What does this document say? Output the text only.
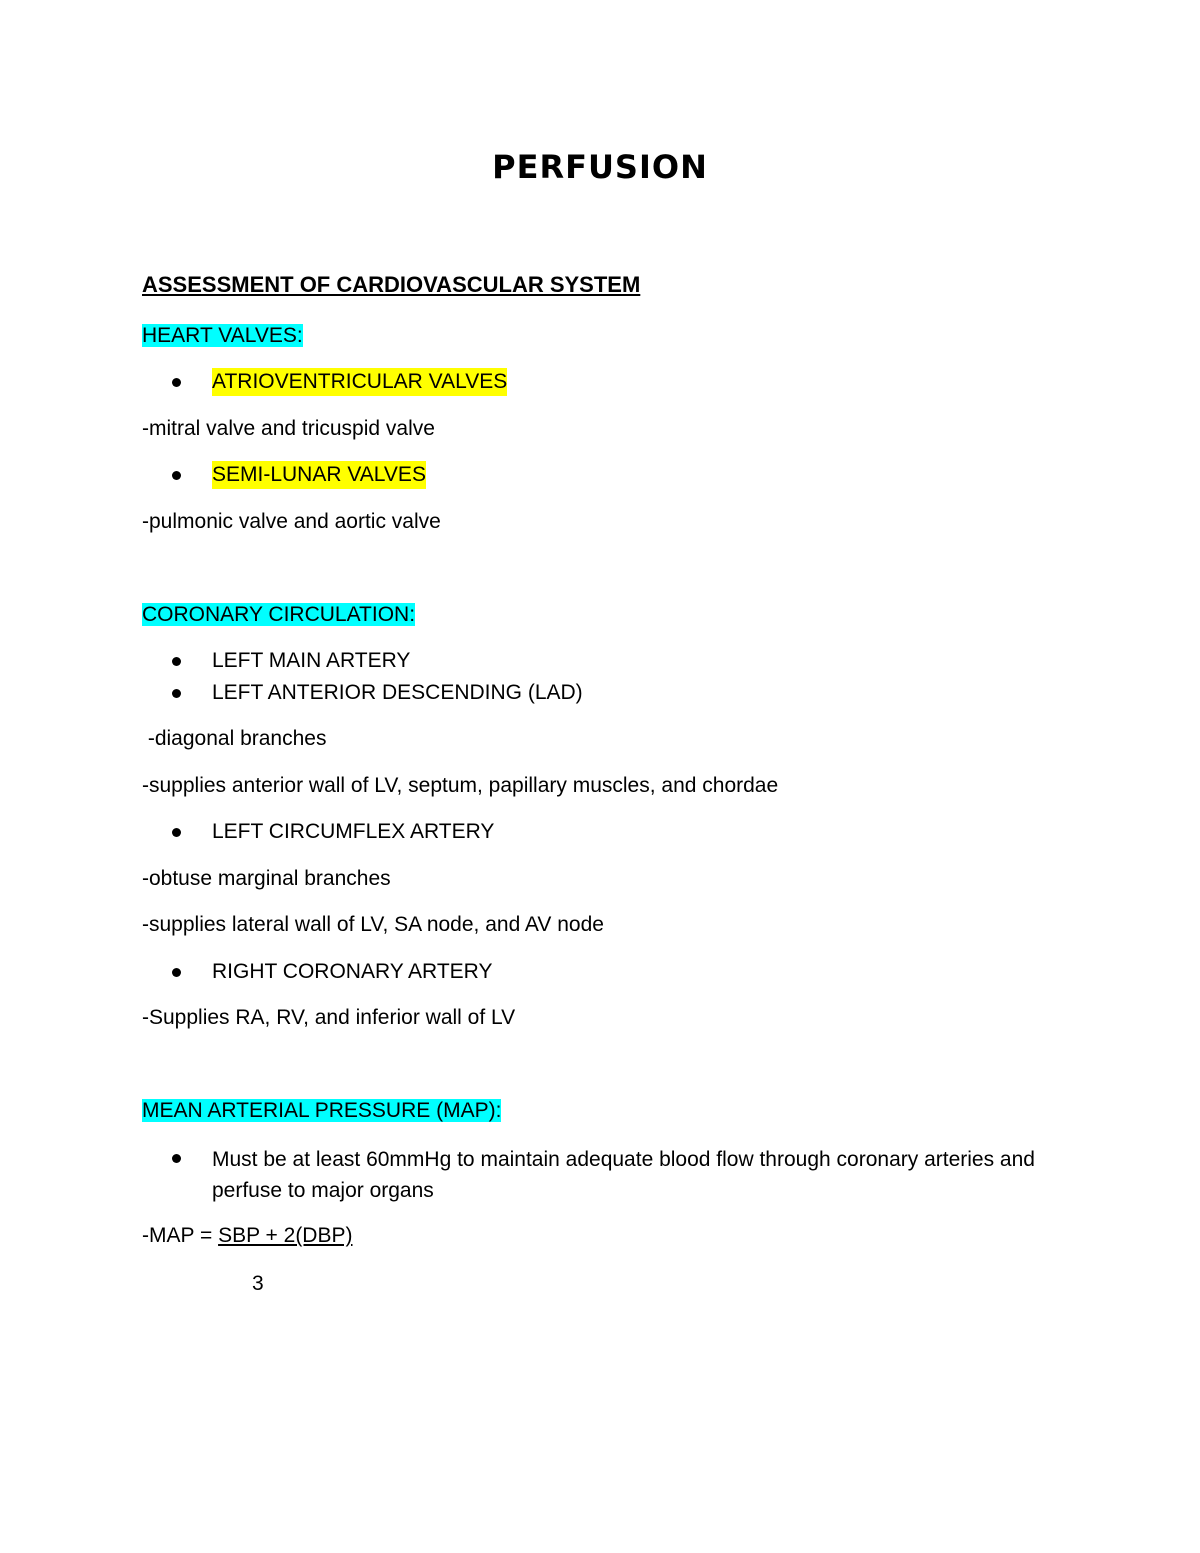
PERFUSION
ASSESSMENT OF CARDIOVASCULAR SYSTEM
HEART VALVES:
ATRIOVENTRICULAR VALVES
-mitral valve and tricuspid valve
SEMI-LUNAR VALVES
-pulmonic valve and aortic valve
CORONARY CIRCULATION:
LEFT MAIN ARTERY
LEFT ANTERIOR DESCENDING (LAD)
-diagonal branches
-supplies anterior wall of LV, septum, papillary muscles, and chordae
LEFT CIRCUMFLEX ARTERY
-obtuse marginal branches
-supplies lateral wall of LV, SA node, and AV node
RIGHT CORONARY ARTERY
-Supplies RA, RV, and inferior wall of LV
MEAN ARTERIAL PRESSURE (MAP):
Must be at least 60mmHg to maintain adequate blood flow through coronary arteries and perfuse to major organs
-MAP = SBP + 2(DBP)
3
